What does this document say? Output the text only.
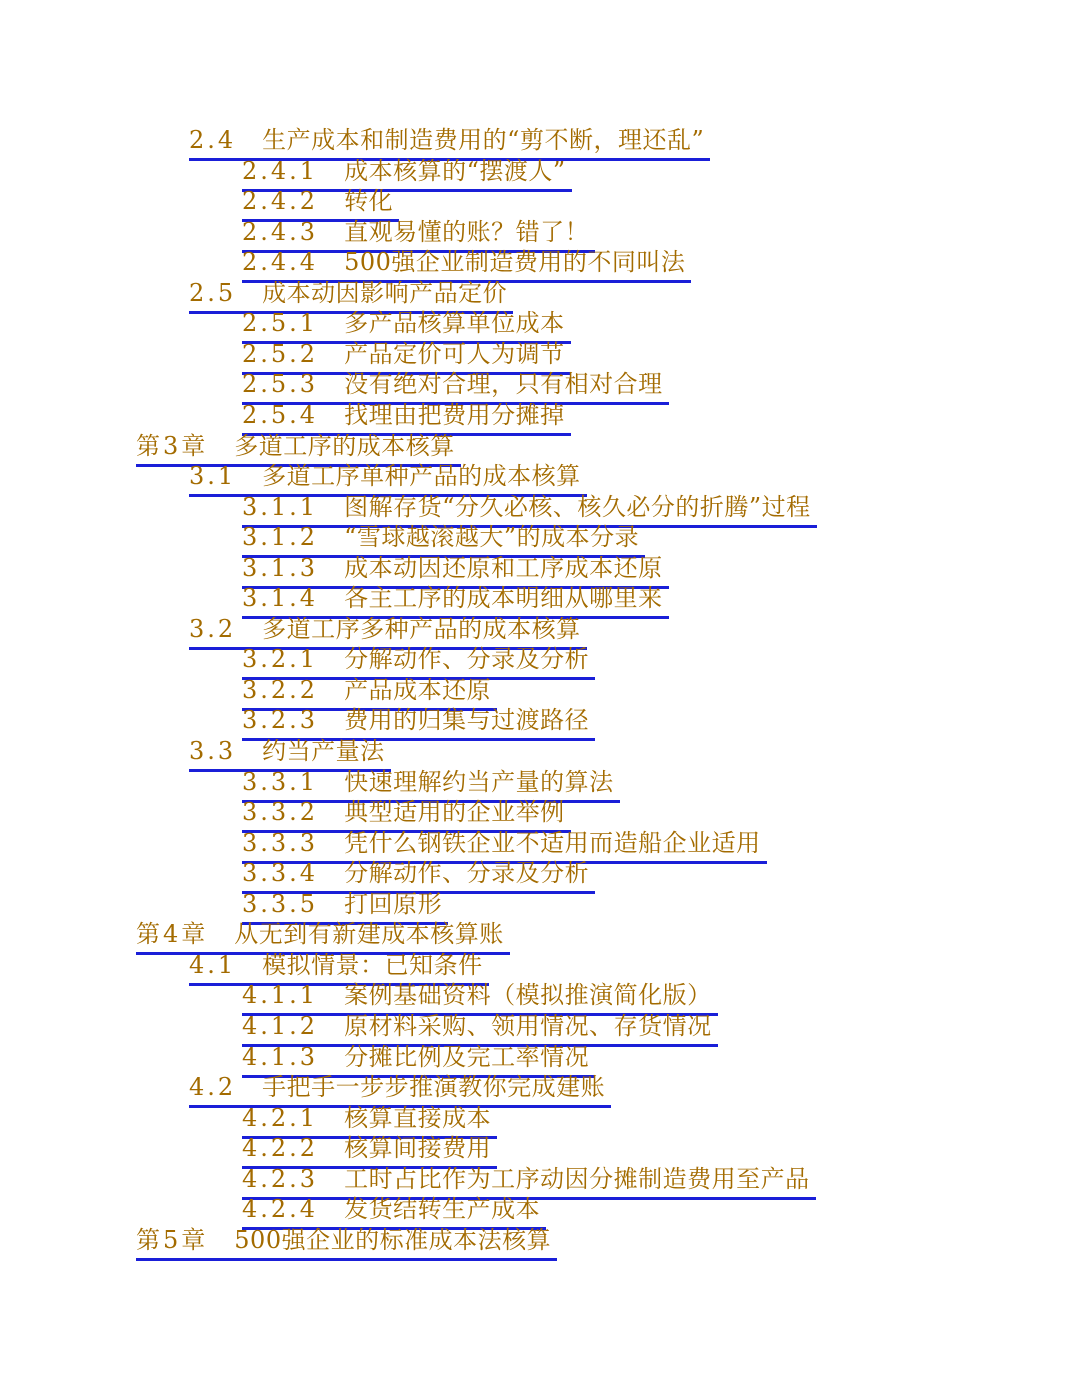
2.4 生产成本和制造费用的“剪不断，理还乱”
2.4.1 成本核算的“摆渡人”
2.4.2 转化
2.4.3 直观易懂的账？错了！
2.4.4 500强企业制造费用的不同叫法
2.5 成本动因影响产品定价
2.5.1 多产品核算单位成本
2.5.2 产品定价可人为调节
2.5.3 没有绝对合理，只有相对合理
2.5.4 找理由把费用分摊掉
第3章 多道工序的成本核算
3.1 多道工序单种产品的成本核算
3.1.1 图解存货“分久必核、核久必分的折腾”过程
3.1.2 “雪球越滚越大”的成本分录
3.1.3 成本动因还原和工序成本还原
3.1.4 各主工序的成本明细从哪里来
3.2 多道工序多种产品的成本核算
3.2.1 分解动作、分录及分析
3.2.2 产品成本还原
3.2.3 费用的归集与过渡路径
3.3 约当产量法
3.3.1 快速理解约当产量的算法
3.3.2 典型适用的企业举例
3.3.3 凭什么钢铁企业不适用而造船企业适用
3.3.4 分解动作、分录及分析
3.3.5 打回原形
第4章 从无到有新建成本核算账
4.1 模拟情景：已知条件
4.1.1 案例基础资料（模拟推演简化版）
4.1.2 原材料采购、领用情况、存货情况
4.1.3 分摊比例及完工率情况
4.2 手把手一步步推演教你完成建账
4.2.1 核算直接成本
4.2.2 核算间接费用
4.2.3 工时占比作为工序动因分摊制造费用至产品
4.2.4 发货结转生产成本
第5章 500强企业的标准成本法核算
